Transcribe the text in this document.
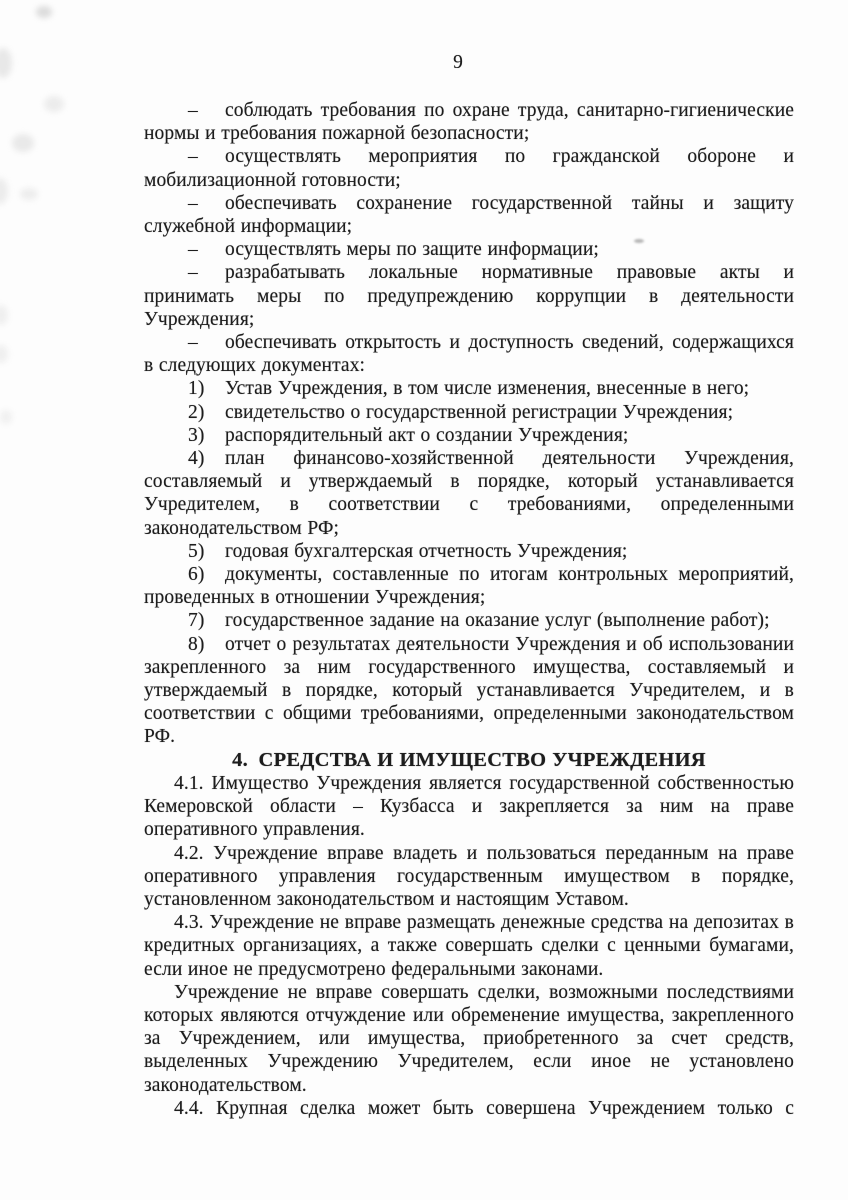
9

– соблюдать требования по охране труда, санитарно-гигиенические нормы и требования пожарной безопасности;

– осуществлять мероприятия по гражданской обороне и мобилизационной готовности;

– обеспечивать сохранение государственной тайны и защиту служебной информации;

– осуществлять меры по защите информации;

– разрабатывать локальные нормативные правовые акты и принимать меры по предупреждению коррупции в деятельности Учреждения;

– обеспечивать открытость и доступность сведений, содержащихся в следующих документах:

1) Устав Учреждения, в том числе изменения, внесенные в него;

2) свидетельство о государственной регистрации Учреждения;

3) распорядительный акт о создании Учреждения;

4) план финансово-хозяйственной деятельности Учреждения, составляемый и утверждаемый в порядке, который устанавливается Учредителем, в соответствии с требованиями, определенными законодательством РФ;

5) годовая бухгалтерская отчетность Учреждения;

6) документы, составленные по итогам контрольных мероприятий, проведенных в отношении Учреждения;

7) государственное задание на оказание услуг (выполнение работ);

8) отчет о результатах деятельности Учреждения и об использовании закрепленного за ним государственного имущества, составляемый и утверждаемый в порядке, который устанавливается Учредителем, и в соответствии с общими требованиями, определенными законодательством РФ.

4. СРЕДСТВА И ИМУЩЕСТВО УЧРЕЖДЕНИЯ

4.1. Имущество Учреждения является государственной собственностью Кемеровской области – Кузбасса и закрепляется за ним на праве оперативного управления.

4.2. Учреждение вправе владеть и пользоваться переданным на праве оперативного управления государственным имуществом в порядке, установленном законодательством и настоящим Уставом.

4.3. Учреждение не вправе размещать денежные средства на депозитах в кредитных организациях, а также совершать сделки с ценными бумагами, если иное не предусмотрено федеральными законами.

Учреждение не вправе совершать сделки, возможными последствиями которых являются отчуждение или обременение имущества, закрепленного за Учреждением, или имущества, приобретенного за счет средств, выделенных Учреждению Учредителем, если иное не установлено законодательством.

4.4. Крупная сделка может быть совершена Учреждением только с
